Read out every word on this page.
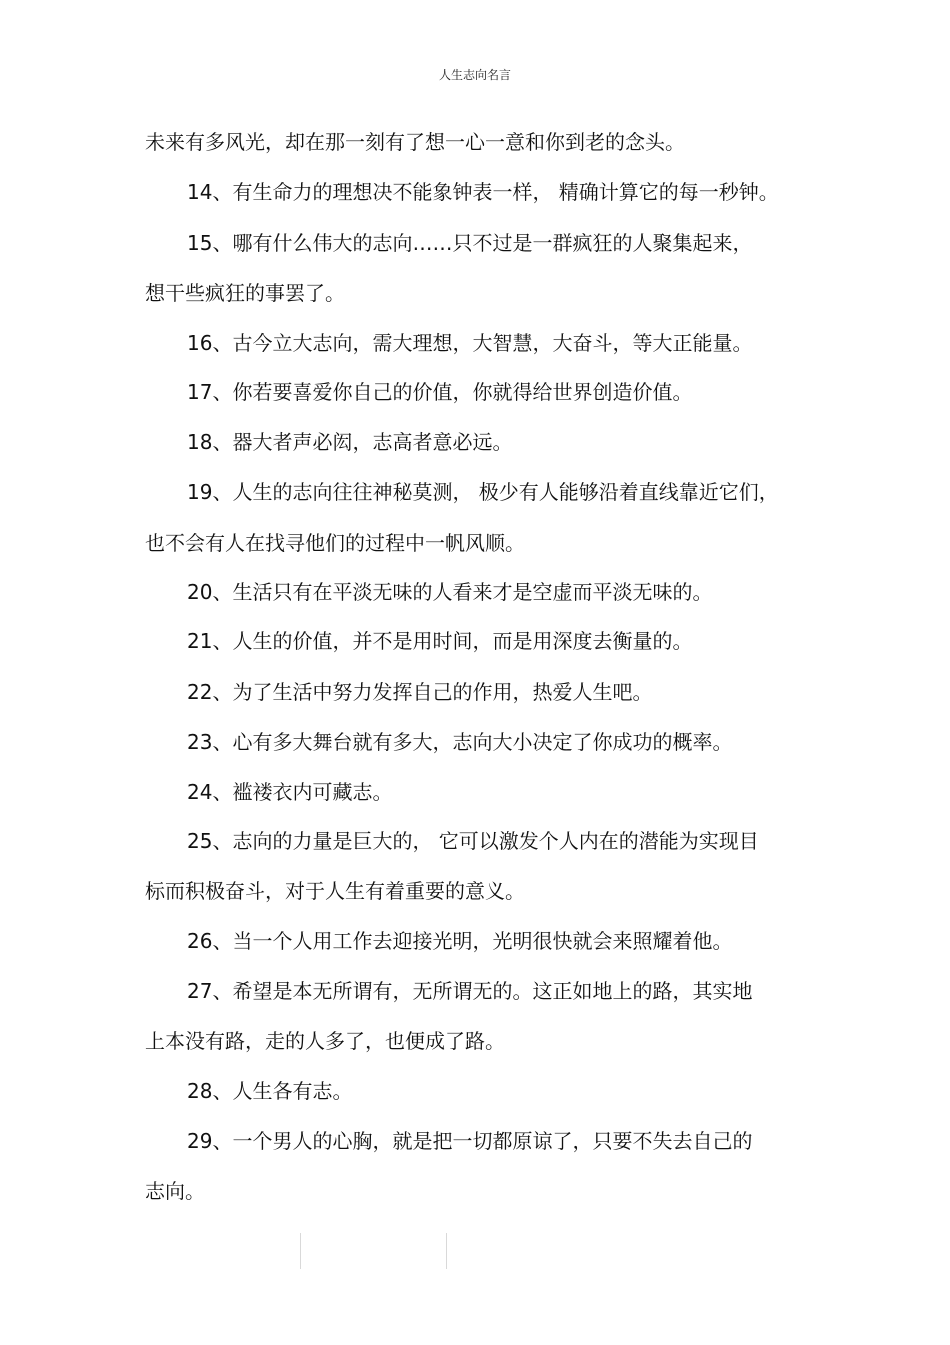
人生志向名言
未来有多风光，却在那一刻有了想一心一意和你到老的念头。
14、有生命力的理想决不能象钟表一样， 精确计算它的每一秒钟。
15、哪有什么伟大的志向……只不过是一群疯狂的人聚集起来，
想干些疯狂的事罢了。
16、古今立大志向，需大理想，大智慧，大奋斗，等大正能量。
17、你若要喜爱你自己的价值，你就得给世界创造价值。
18、器大者声必闳，志高者意必远。
19、人生的志向往往神秘莫测， 极少有人能够沿着直线靠近它们，
也不会有人在找寻他们的过程中一帆风顺。
20、生活只有在平淡无味的人看来才是空虚而平淡无味的。
21、人生的价值，并不是用时间，而是用深度去衡量的。
22、为了生活中努力发挥自己的作用，热爱人生吧。
23、心有多大舞台就有多大，志向大小决定了你成功的概率。
24、褴褛衣内可藏志。
25、志向的力量是巨大的， 它可以激发个人内在的潜能为实现目
标而积极奋斗，对于人生有着重要的意义。
26、当一个人用工作去迎接光明，光明很快就会来照耀着他。
27、希望是本无所谓有，无所谓无的。这正如地上的路，其实地
上本没有路，走的人多了，也便成了路。
28、人生各有志。
29、一个男人的心胸，就是把一切都原谅了，只要不失去自己的
志向。
